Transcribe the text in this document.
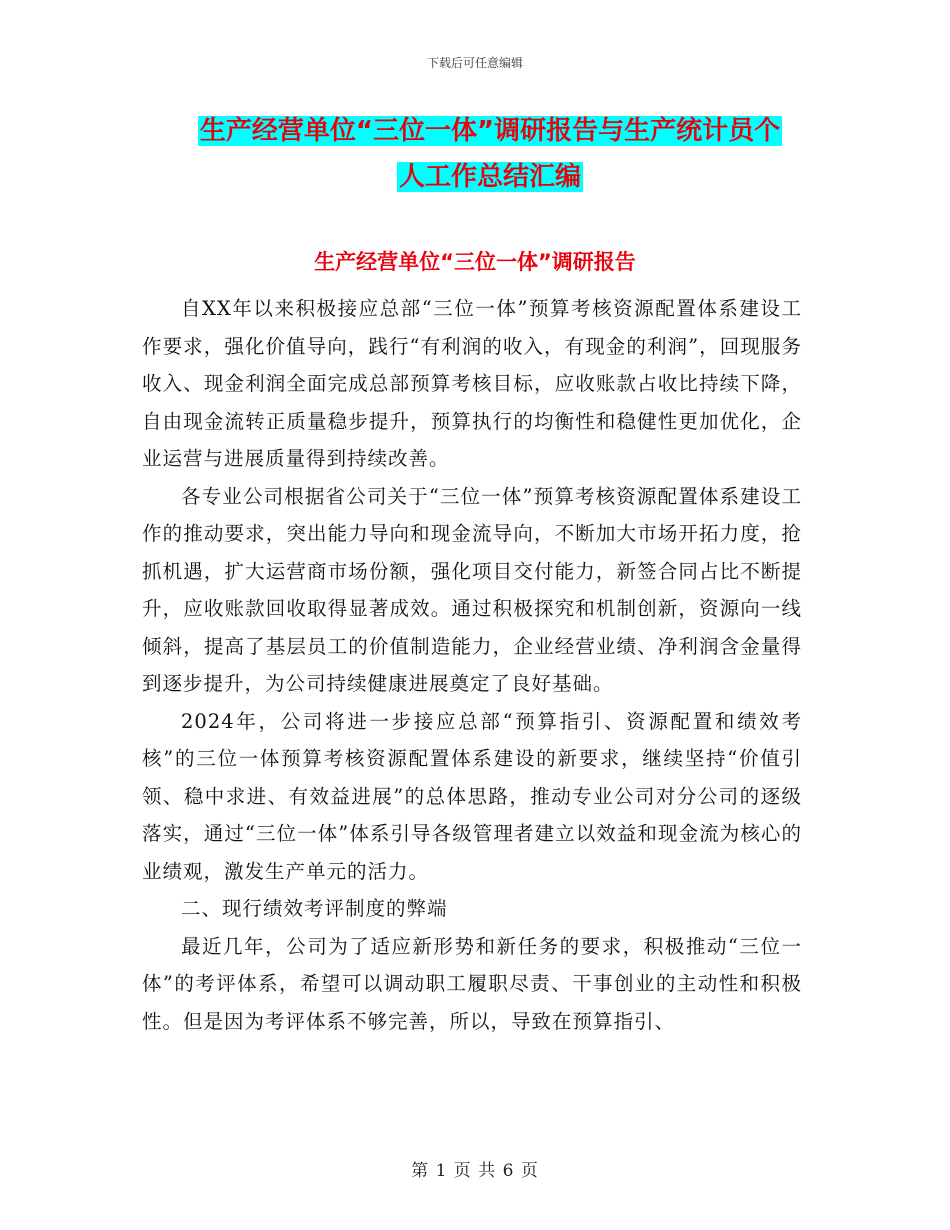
下载后可任意编辑
生产经营单位“三位一体”调研报告与生产统计员个
人工作总结汇编
生产经营单位“三位一体”调研报告

自XX年以来积极接应总部“三位一体”预算考核资源配置体系建设工作要求，强化价值导向，践行“有利润的收入，有现金的利润”，回现服务收入、现金利润全面完成总部预算考核目标，应收账款占收比持续下降，自由现金流转正质量稳步提升，预算执行的均衡性和稳健性更加优化，企业运营与进展质量得到持续改善。

各专业公司根据省公司关于“三位一体”预算考核资源配置体系建设工作的推动要求，突出能力导向和现金流导向，不断加大市场开拓力度，抢抓机遇，扩大运营商市场份额，强化项目交付能力，新签合同占比不断提升，应收账款回收取得显著成效。通过积极探究和机制创新，资源向一线倾斜，提高了基层员工的价值制造能力，企业经营业绩、净利润含金量得到逐步提升，为公司持续健康进展奠定了良好基础。

2024年，公司将进一步接应总部“预算指引、资源配置和绩效考核”的三位一体预算考核资源配置体系建设的新要求，继续坚持“价值引领、稳中求进、有效益进展”的总体思路，推动专业公司对分公司的逐级落实，通过“三位一体”体系引导各级管理者建立以效益和现金流为核心的业绩观，激发生产单元的活力。

二、现行绩效考评制度的弊端

最近几年，公司为了适应新形势和新任务的要求，积极推动“三位一体”的考评体系，希望可以调动职工履职尽责、干事创业的主动性和积极性。但是因为考评体系不够完善，所以，导致在预算指引、

第 1 页 共 6 页
